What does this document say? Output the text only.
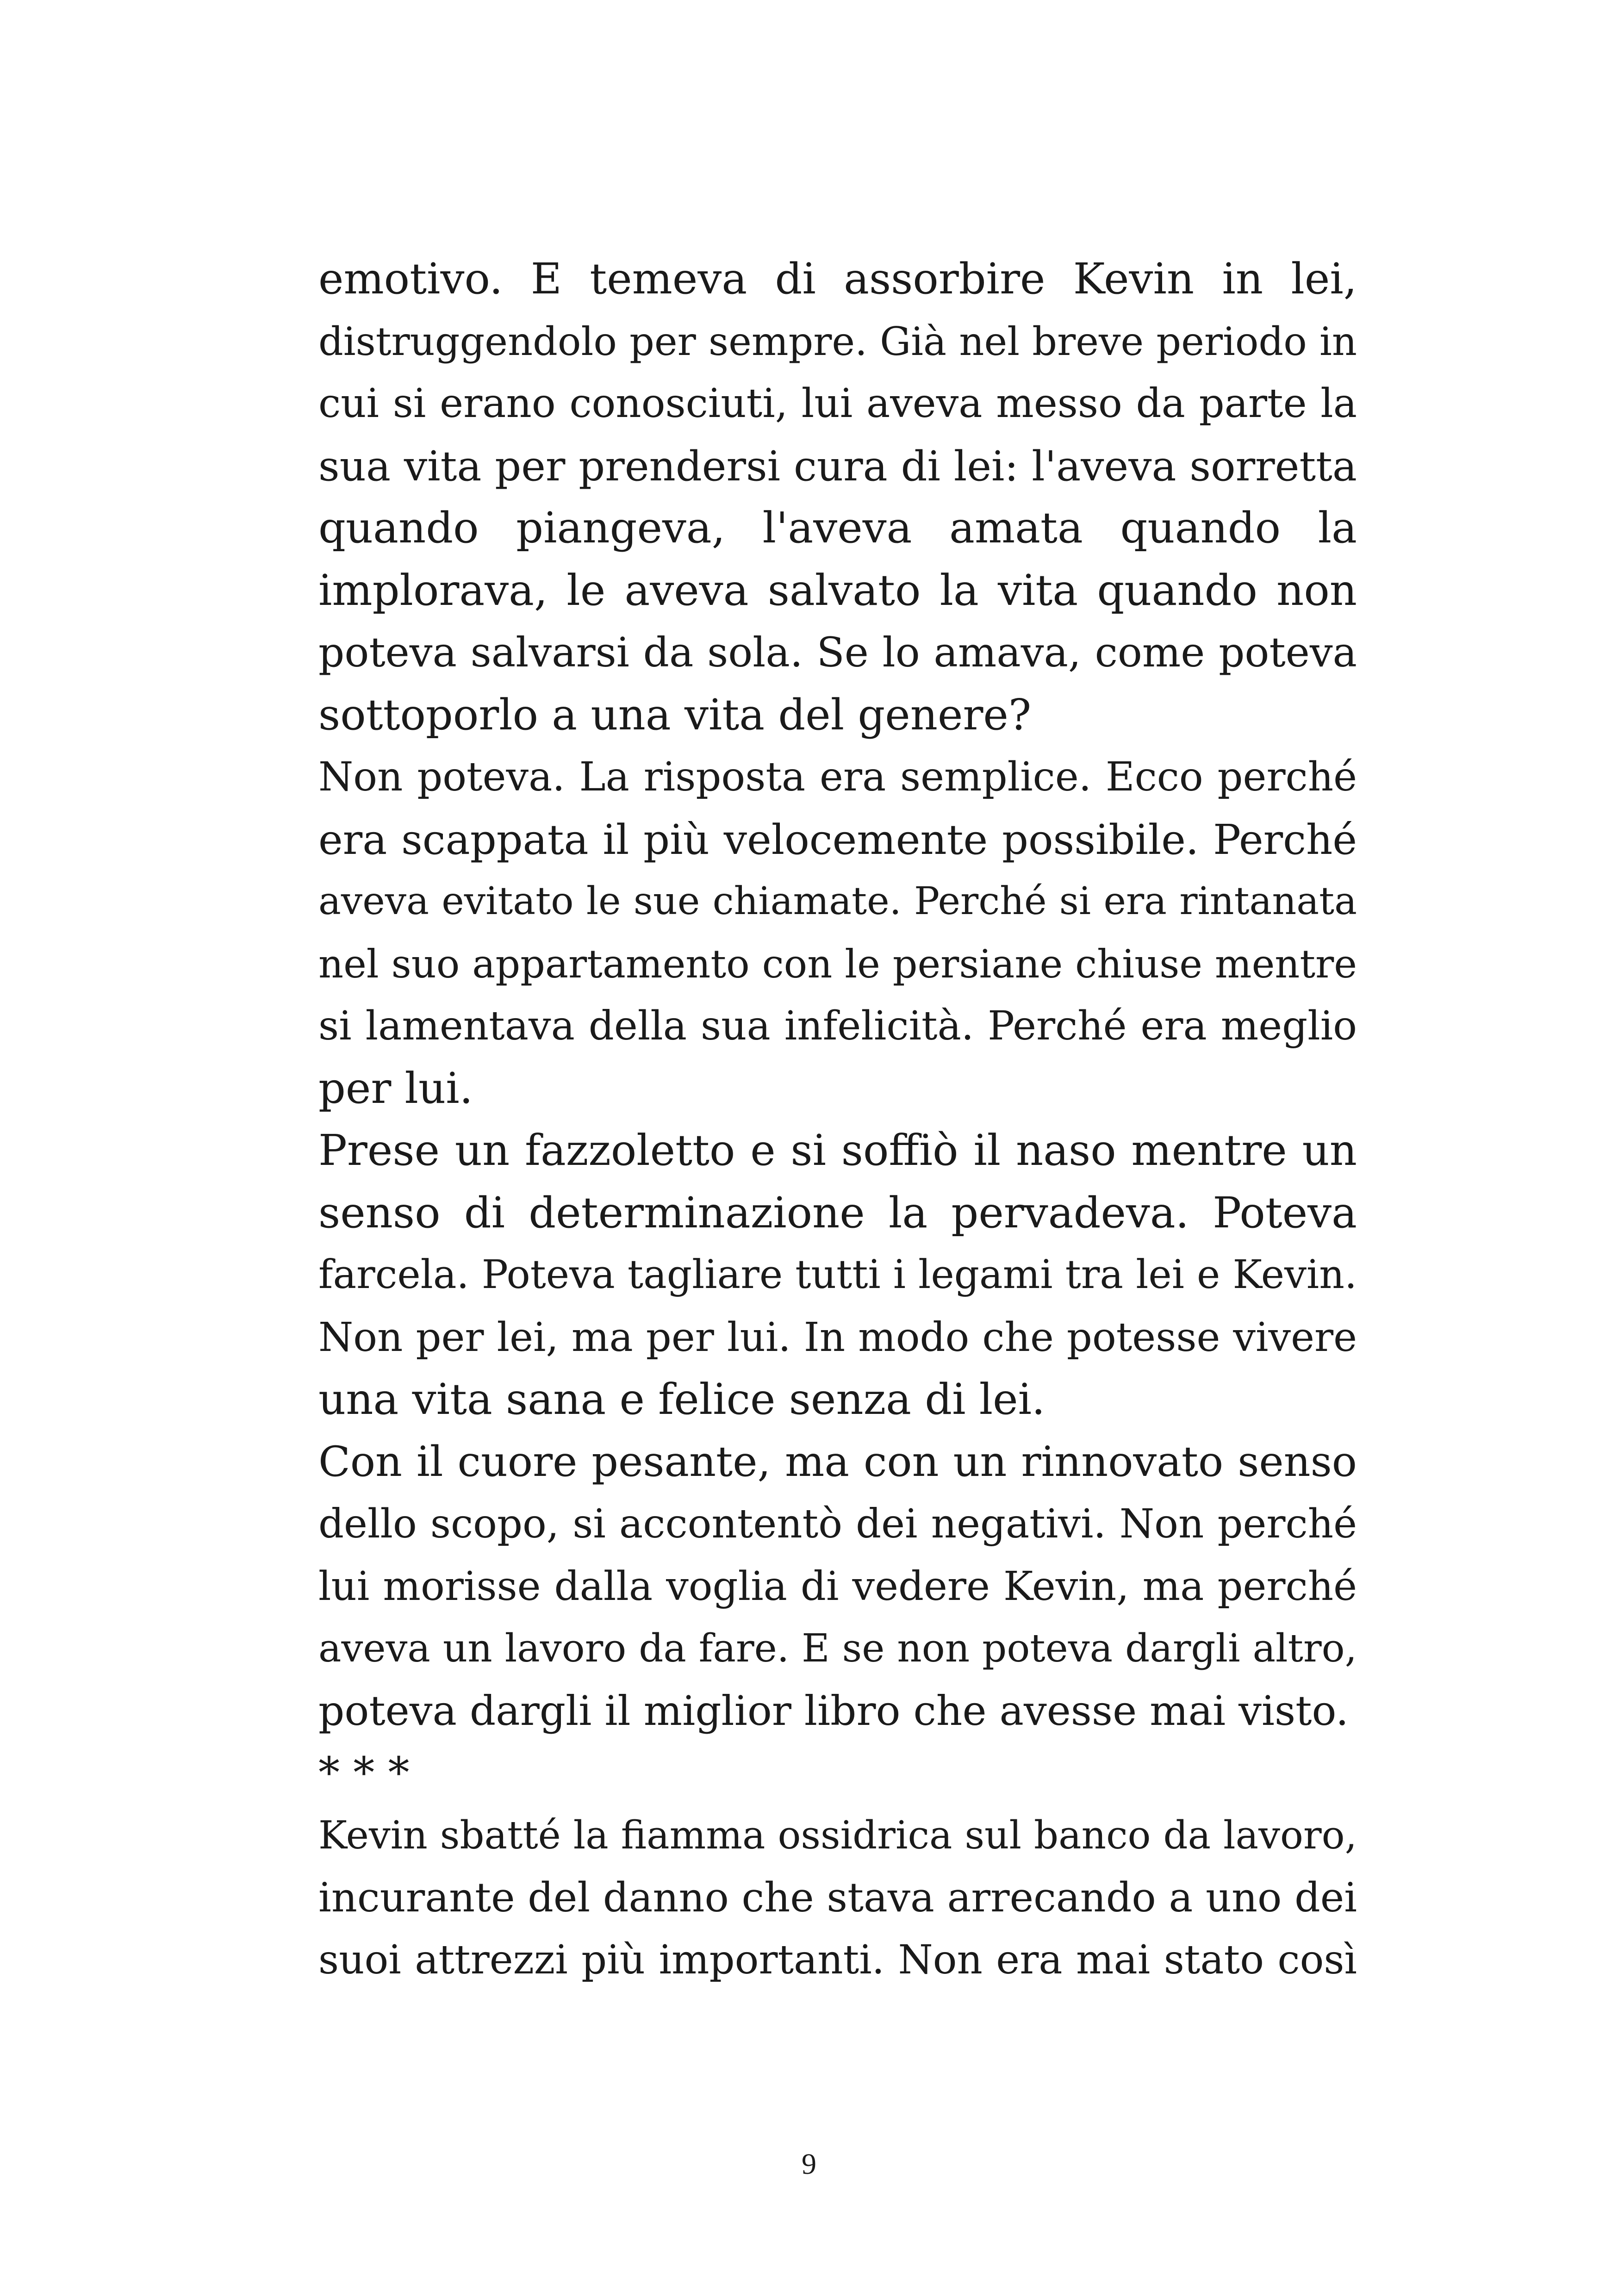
emotivo. E temeva di assorbire Kevin in lei,
distruggendolo per sempre. Già nel breve periodo in
cui si erano conosciuti, lui aveva messo da parte la
sua vita per prendersi cura di lei: l'aveva sorretta
quando piangeva, l'aveva amata quando la
implorava, le aveva salvato la vita quando non
poteva salvarsi da sola. Se lo amava, come poteva
sottoporlo a una vita del genere?
Non poteva. La risposta era semplice. Ecco perché
era scappata il più velocemente possibile. Perché
aveva evitato le sue chiamate. Perché si era rintanata
nel suo appartamento con le persiane chiuse mentre
si lamentava della sua infelicità. Perché era meglio
per lui.
Prese un fazzoletto e si soffiò il naso mentre un
senso di determinazione la pervadeva. Poteva
farcela. Poteva tagliare tutti i legami tra lei e Kevin.
Non per lei, ma per lui. In modo che potesse vivere
una vita sana e felice senza di lei.
Con il cuore pesante, ma con un rinnovato senso
dello scopo, si accontentò dei negativi. Non perché
lui morisse dalla voglia di vedere Kevin, ma perché
aveva un lavoro da fare. E se non poteva dargli altro,
poteva dargli il miglior libro che avesse mai visto.
* * *
Kevin sbatté la fiamma ossidrica sul banco da lavoro,
incurante del danno che stava arrecando a uno dei
suoi attrezzi più importanti. Non era mai stato così
9
